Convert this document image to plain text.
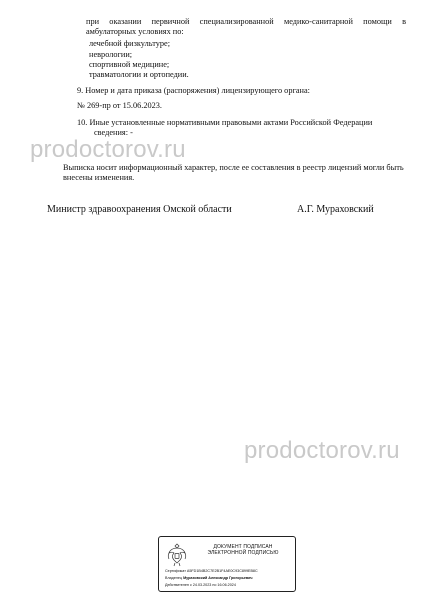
при оказании первичной специализированной медико-санитарной помощи в амбулаторных условиях по:
лечебной физкультуре;
неврологии;
спортивной медицине;
травматологии и ортопедии.
9. Номер и дата приказа (распоряжения) лицензирующего органа:
№ 269-пр от 15.06.2023.
10. Иные установленные нормативными правовыми актами Российской Федерации
сведения: -
prodoctorov.ru
Выписка носит информационный характер, после ее составления в реестр лицензий могли быть
внесены изменения.
Министр здравоохранения Омской области	А.Г. Мураховский
prodoctorov.ru
ДОКУМЕНТ ПОДПИСАН
ЭЛЕКТРОННОЙ ПОДПИСЬЮ
Сертификат A5FD1B4B2C7E2B1F4AE0C93C899EB8C
Владелец Мураховский Александр Григорьевич
Действителен с 24.03.2023 по 16.06.2024
